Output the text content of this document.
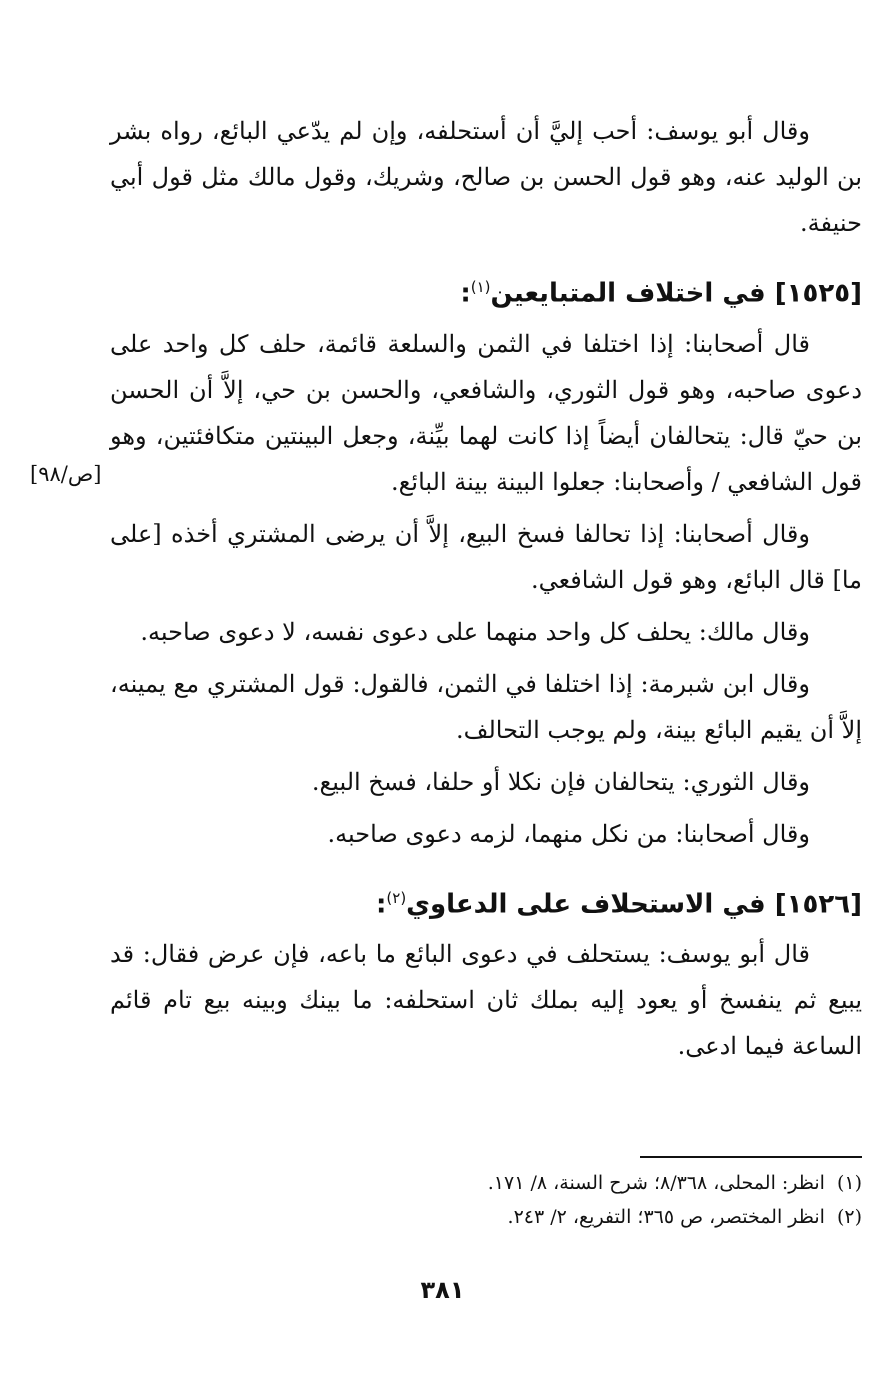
وقال أبو يوسف: أحب إليَّ أن أستحلفه، وإن لم يدّعي البائع، رواه بشر بن الوليد عنه، وهو قول الحسن بن صالح، وشريك، وقول مالك مثل قول أبي حنيفة.

[١٥٢٥] في اختلاف المتبايعين$^{(١)}$:

قال أصحابنا: إذا اختلفا في الثمن والسلعة قائمة، حلف كل واحد على دعوى صاحبه، وهو قول الثوري، والشافعي، والحسن بن حي، إلاَّ أن الحسن بن حيّ قال: يتحالفان أيضاً إذا كانت لهما بيِّنة، وجعل البينتين متكافئتين، وهو قول الشافعي / وأصحابنا: جعلوا البينة بينة البائع.

وقال أصحابنا: إذا تحالفا فسخ البيع، إلاَّ أن يرضى المشتري أخذه [على ما] قال البائع، وهو قول الشافعي.

وقال مالك: يحلف كل واحد منهما على دعوى نفسه، لا دعوى صاحبه.

وقال ابن شبرمة: إذا اختلفا في الثمن، فالقول: قول المشتري مع يمينه، إلاَّ أن يقيم البائع بينة، ولم يوجب التحالف.

وقال الثوري: يتحالفان فإن نكلا أو حلفا، فسخ البيع.

وقال أصحابنا: من نكل منهما، لزمه دعوى صاحبه.

[١٥٢٦] في الاستحلاف على الدعاوي$^{(٢)}$:

قال أبو يوسف: يستحلف في دعوى البائع ما باعه، فإن عرض فقال: قد يبيع ثم ينفسخ أو يعود إليه بملك ثان استحلفه: ما بينك وبينه بيع تام قائم الساعة فيما ادعى.

[ص/٩٨]
(١)انظر: المحلى، ٨/٣٦٨؛ شرح السنة، ٨/ ١٧١.
(٢)انظر المختصر، ص ٣٦٥؛ التفريع، ٢/ ٢٤٣.
٣٨١
